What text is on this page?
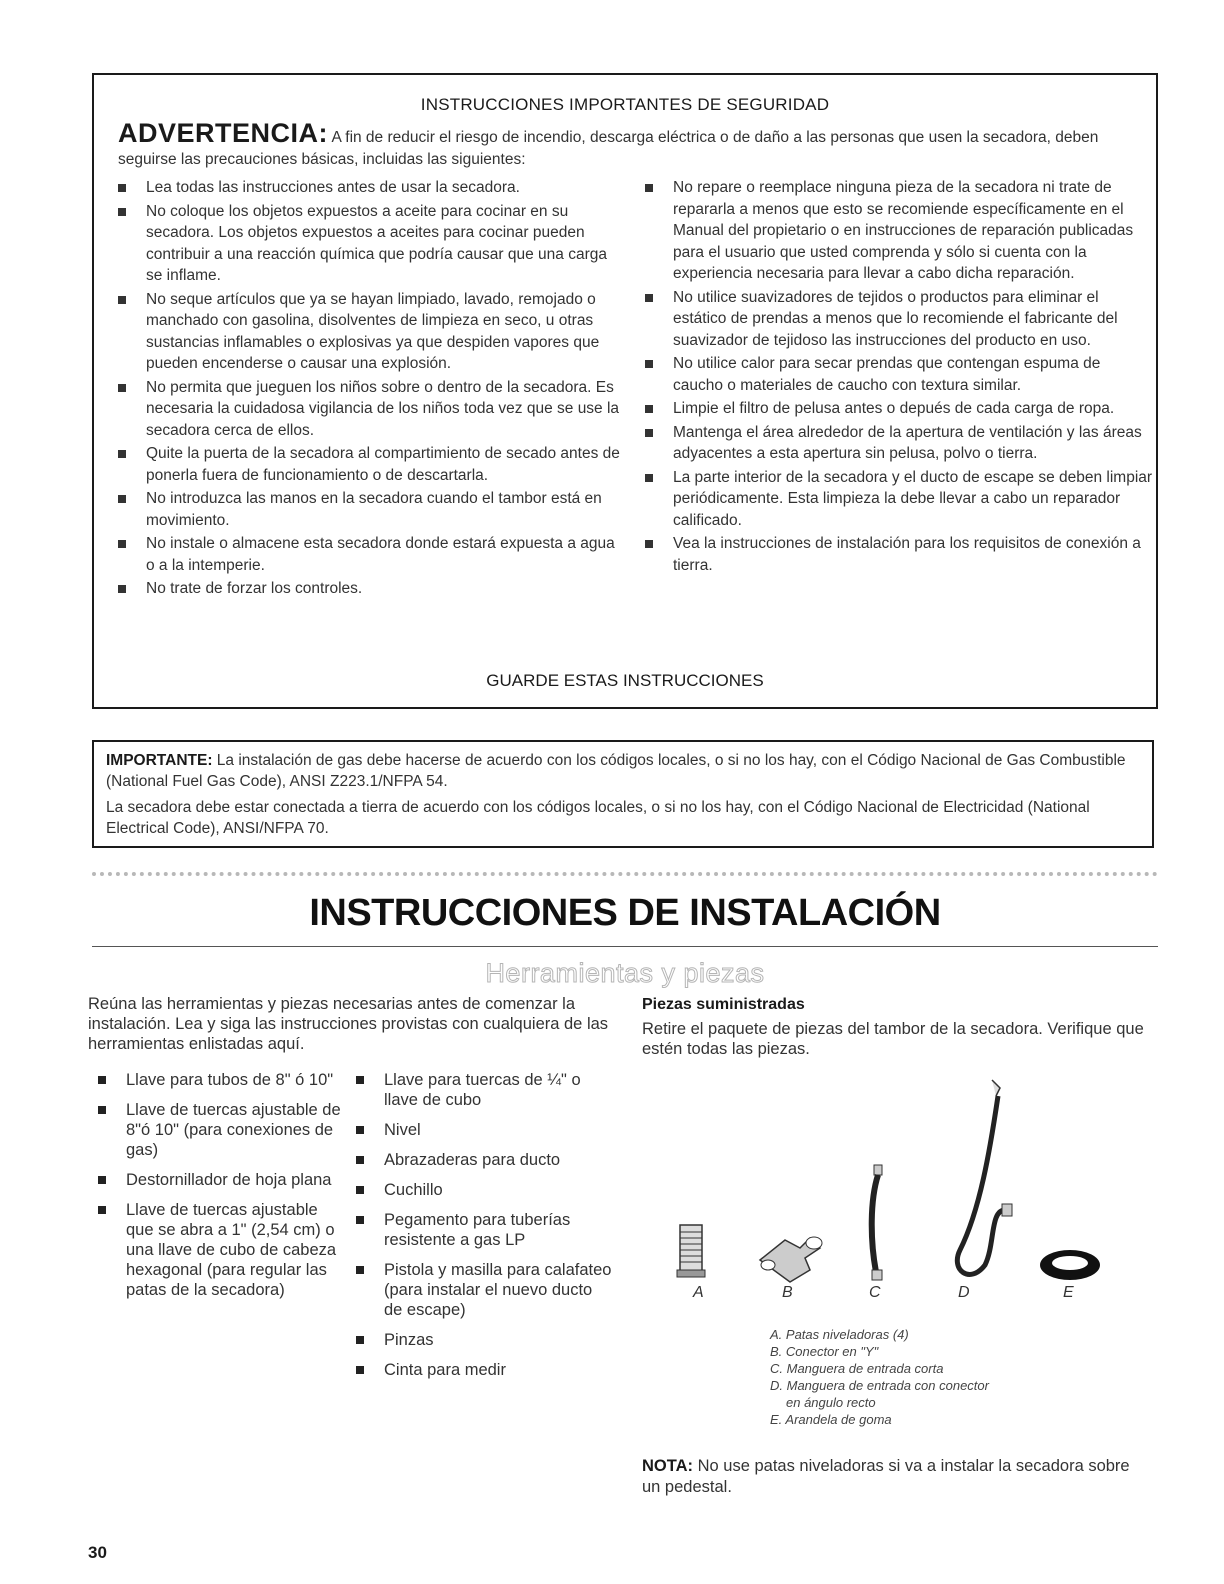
INSTRUCCIONES IMPORTANTES DE SEGURIDAD
ADVERTENCIA: A fin de reducir el riesgo de incendio, descarga eléctrica o de daño a las personas que usen la secadora, deben seguirse las precauciones básicas, incluidas las siguientes:
Lea todas las instrucciones antes de usar la secadora.
No coloque los objetos expuestos a aceite para cocinar en su secadora. Los objetos expuestos a aceites para cocinar pueden contribuir a una reacción química que podría causar que una carga se inflame.
No seque artículos que ya se hayan limpiado, lavado, remojado o manchado con gasolina, disolventes de limpieza en seco, u otras sustancias inflamables o explosivas ya que despiden vapores que pueden encenderse o causar una explosión.
No permita que jueguen los niños sobre o dentro de la secadora. Es necesaria la cuidadosa vigilancia de los niños toda vez que se use la secadora cerca de ellos.
Quite la puerta de la secadora al compartimiento de secado antes de ponerla fuera de funcionamiento o de descartarla.
No introduzca las manos en la secadora cuando el tambor está en movimiento.
No instale o almacene esta secadora donde estará expuesta a agua o a la intemperie.
No trate de forzar los controles.
No repare o reemplace ninguna pieza de la secadora ni trate de repararla a menos que esto se recomiende específicamente en el Manual del propietario o en instrucciones de reparación publicadas para el usuario que usted comprenda y sólo si cuenta con la experiencia necesaria para llevar a cabo dicha reparación.
No utilice suavizadores de tejidos o productos para eliminar el estático de prendas a menos que lo recomiende el fabricante del suavizador de tejidoso las instrucciones del producto en uso.
No utilice calor para secar prendas que contengan espuma de caucho o materiales de caucho con textura similar.
Limpie el filtro de pelusa antes o depués de cada carga de ropa.
Mantenga el área alrededor de la apertura de ventilación y las áreas adyacentes a esta apertura sin pelusa, polvo o tierra.
La parte interior de la secadora y el ducto de escape se deben limpiar periódicamente. Esta limpieza la debe llevar a cabo un reparador calificado.
Vea la instrucciones de instalación para los requisitos de conexión a tierra.
GUARDE ESTAS INSTRUCCIONES

IMPORTANTE: La instalación de gas debe hacerse de acuerdo con los códigos locales, o si no los hay, con el Código Nacional de Gas Combustible (National Fuel Gas Code), ANSI Z223.1/NFPA 54.

La secadora debe estar conectada a tierra de acuerdo con los códigos locales, o si no los hay, con el Código Nacional de Electricidad (National Electrical Code), ANSI/NFPA 70.

INSTRUCCIONES DE INSTALACIÓN
Herramientas y piezas
Reúna las herramientas y piezas necesarias antes de comenzar la instalación. Lea y siga las instrucciones provistas con cualquiera de las herramientas enlistadas aquí.
Llave para tubos de 8" ó 10"
Llave de tuercas ajustable de 8"ó 10" (para conexiones de gas)
Destornillador de hoja plana
Llave de tuercas ajustable que se abra a 1" (2,54 cm) o una llave de cubo de cabeza hexagonal (para regular las patas de la secadora)
Llave para tuercas de ¼" o llave de cubo
Nivel
Abrazaderas para ducto
Cuchillo
Pegamento para tuberías resistente a gas LP
Pistola y masilla para calafateo (para instalar el nuevo ducto de escape)
Pinzas
Cinta para medir
Piezas suministradas
Retire el paquete de piezas del tambor de la secadora. Verifique que estén todas las piezas.
A	B	C	D	E
A. Patas niveladoras (4)
B. Conector en "Y"
C. Manguera de entrada corta
D. Manguera de entrada con conector
en ángulo recto
E. Arandela de goma
NOTA: No use patas niveladoras si va a instalar la secadora sobre un pedestal.
30
